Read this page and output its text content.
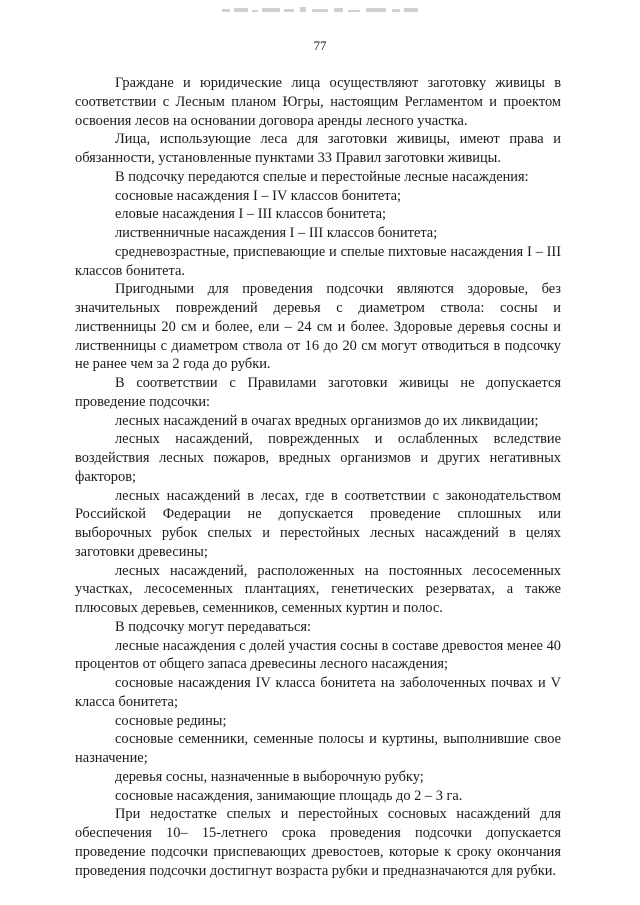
77

Граждане и юридические лица осуществляют заготовку живицы в соответствии с Лесным планом Югры, настоящим Регламентом и проектом освоения лесов на основании договора аренды лесного участка.

Лица, использующие леса для заготовки живицы, имеют права и обязанности, установленные пунктами 33 Правил заготовки живицы.

В подсочку передаются спелые и перестойные лесные насаждения:

сосновые насаждения I – IV классов бонитета;

еловые насаждения I – III классов бонитета;

лиственничные насаждения I – III классов бонитета;

средневозрастные, приспевающие и спелые пихтовые насаждения I – III классов бонитета.

Пригодными для проведения подсочки являются здоровые, без значительных повреждений деревья с диаметром ствола: сосны и лиственницы 20 см и более, ели – 24 см и более. Здоровые деревья сосны и лиственницы с диаметром ствола от 16 до 20 см могут отводиться в подсочку не ранее чем за 2 года до рубки.

В соответствии с Правилами заготовки живицы не допускается проведение подсочки:

лесных насаждений в очагах вредных организмов до их ликвидации;

лесных насаждений, поврежденных и ослабленных вследствие воздействия лесных пожаров, вредных организмов и других негативных факторов;

лесных насаждений в лесах, где в соответствии с законодательством Российской Федерации не допускается проведение сплошных или выборочных рубок спелых и перестойных лесных насаждений в целях заготовки древесины;

лесных насаждений, расположенных на постоянных лесосеменных участках, лесосеменных плантациях, генетических резерватах, а также плюсовых деревьев, семенников, семенных куртин и полос.

В подсочку могут передаваться:

лесные насаждения с долей участия сосны в составе древостоя менее 40 процентов от общего запаса древесины лесного насаждения;

сосновые насаждения IV класса бонитета на заболоченных почвах и V класса бонитета;

сосновые редины;

сосновые семенники, семенные полосы и куртины, выполнившие свое назначение;

деревья сосны, назначенные в выборочную рубку;

сосновые насаждения, занимающие площадь до 2 – 3 га.

При недостатке спелых и перестойных сосновых насаждений для обеспечения 10– 15-летнего срока проведения подсочки допускается проведение подсочки приспевающих древостоев, которые к сроку окончания проведения подсочки достигнут возраста рубки и предназначаются для рубки.
